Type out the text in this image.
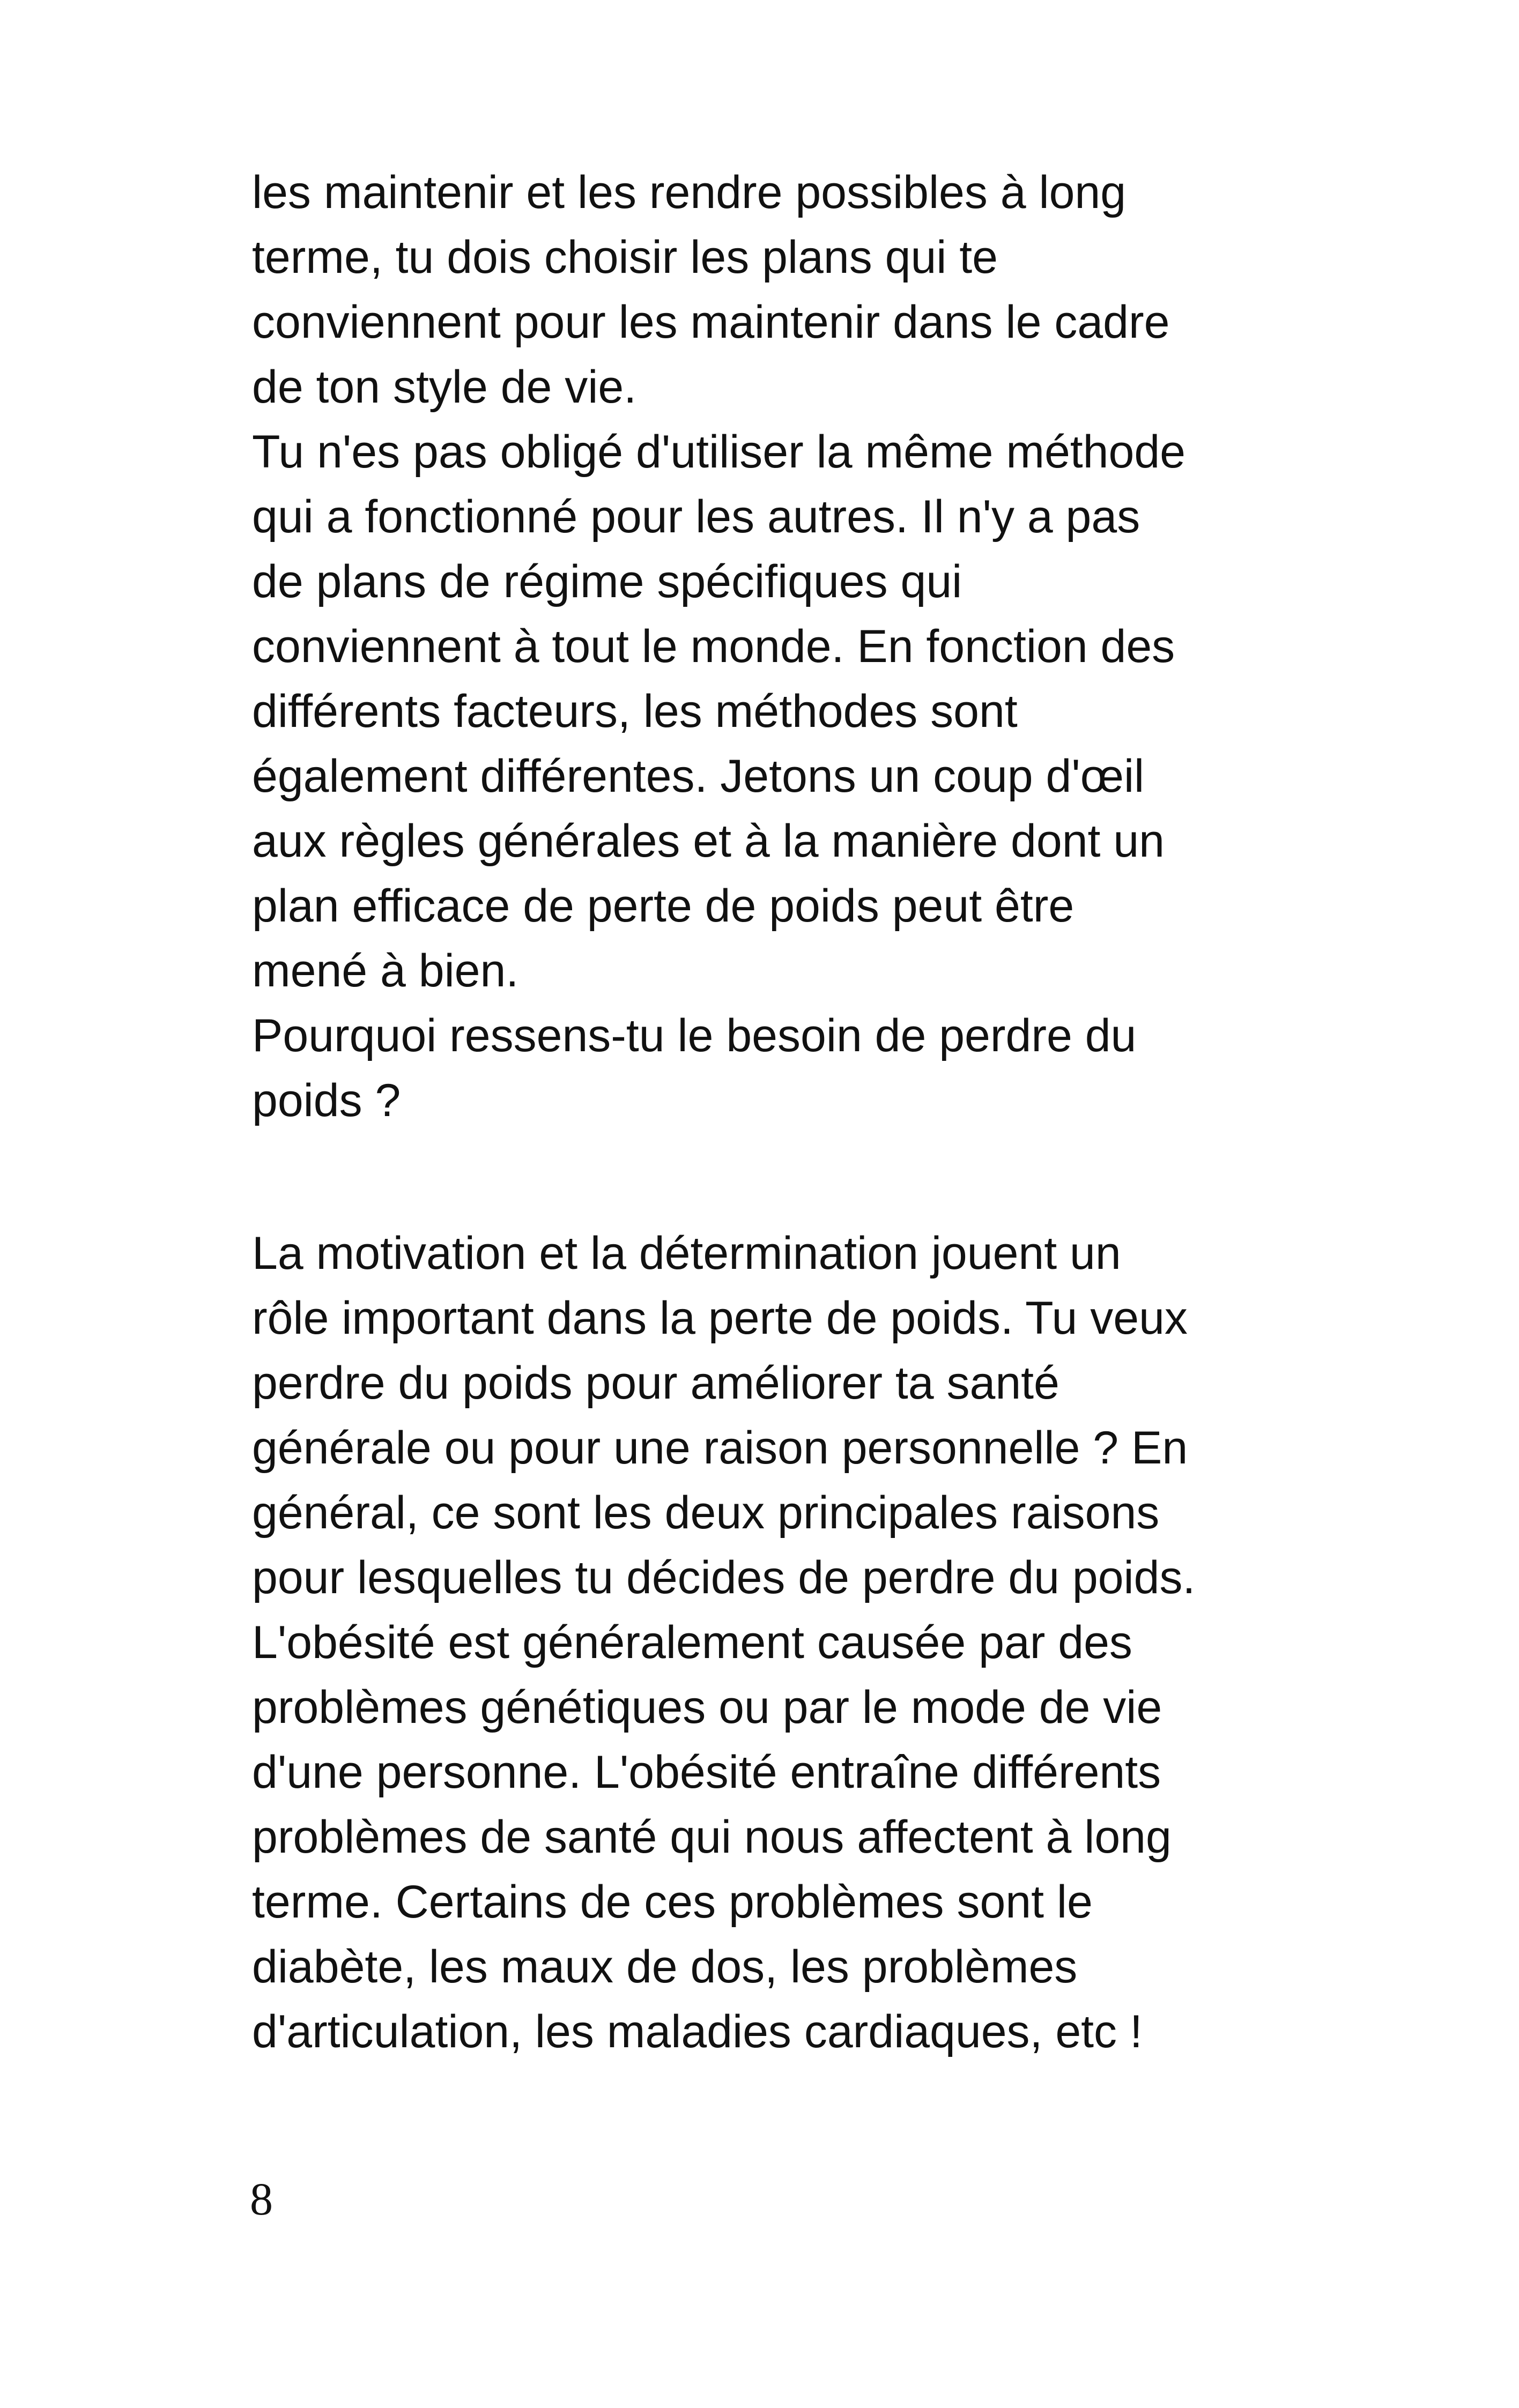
les maintenir et les rendre possibles à long
terme, tu dois choisir les plans qui te
conviennent pour les maintenir dans le cadre
de ton style de vie.

Tu n'es pas obligé d'utiliser la même méthode
qui a fonctionné pour les autres. Il n'y a pas
de plans de régime spécifiques qui
conviennent à tout le monde. En fonction des
différents facteurs, les méthodes sont
également différentes. Jetons un coup d'œil
aux règles générales et à la manière dont un
plan efficace de perte de poids peut être
mené à bien.

Pourquoi ressens-tu le besoin de perdre du
poids ?

La motivation et la détermination jouent un
rôle important dans la perte de poids. Tu veux
perdre du poids pour améliorer ta santé
générale ou pour une raison personnelle ? En
général, ce sont les deux principales raisons
pour lesquelles tu décides de perdre du poids.
L'obésité est généralement causée par des
problèmes génétiques ou par le mode de vie
d'une personne. L'obésité entraîne différents
problèmes de santé qui nous affectent à long
terme. Certains de ces problèmes sont le
diabète, les maux de dos, les problèmes
d'articulation, les maladies cardiaques, etc !

8
